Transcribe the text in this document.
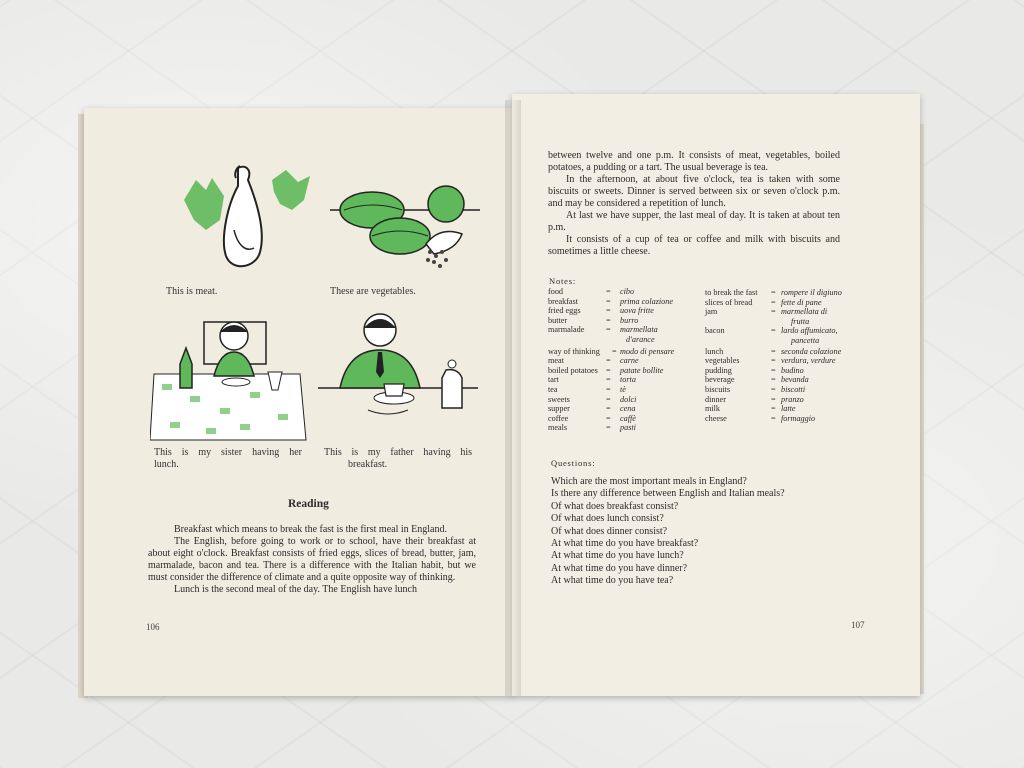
This is meat.	These are vegetables.
This is my sister having her
lunch.
This is my father having his
breakfast.
Reading

Breakfast which means to break the fast is the first meal in England.

The English, before going to work or to school, have their breakfast at about eight o'clock. Breakfast consists of fried eggs, slices of bread, butter, jam, marmalade, bacon and tea. There is a difference with the Italian habit, but we must consider the difference of climate and a quite opposite way of thinking.

Lunch is the second meal of the day. The English have lunch

106

between twelve and one p.m. It consists of meat, vegetables, boiled potatoes, a pudding or a tart. The usual beverage is tea.

In the afternoon, at about five o'clock, tea is taken with some biscuits or sweets. Dinner is served between six or seven o'clock p.m. and may be considered a repetition of lunch.

At last we have supper, the last meal of day. It is taken at about ten p.m.

It consists of a cup of tea or coffee and milk with biscuits and sometimes a little cheese.

Notes:
food	=	cibo
breakfast	=	prima colazione
fried eggs	=	uova fritte
butter	=	burro
marmalade	=	marmellata
d'arance
way of thinking	= modo di pensare
meat	=	carne
boiled potatoes	=	patate bollite
tart	=	torta
tea	=	tè
sweets	=	dolci
supper	=	cena
coffee	=	caffè
meals	=	pasti
to break the fast	= rompere il digiuno
slices of bread	= fette di pane
jam	= marmellata di
frutta
bacon	= lardo affumicato,
pancetta
lunch	= seconda colazione
vegetables	= verdura, verdure
pudding	= budino
beverage	= bevanda
biscuits	= biscotti
dinner	= pranzo
milk	= latte
cheese	= formaggio
Questions:
Which are the most important meals in England?
Is there any difference between English and Italian meals?
Of what does breakfast consist?
Of what does lunch consist?
Of what does dinner consist?
At what time do you have breakfast?
At what time do you have lunch?
At what time do you have dinner?
At what time do you have tea?
107
